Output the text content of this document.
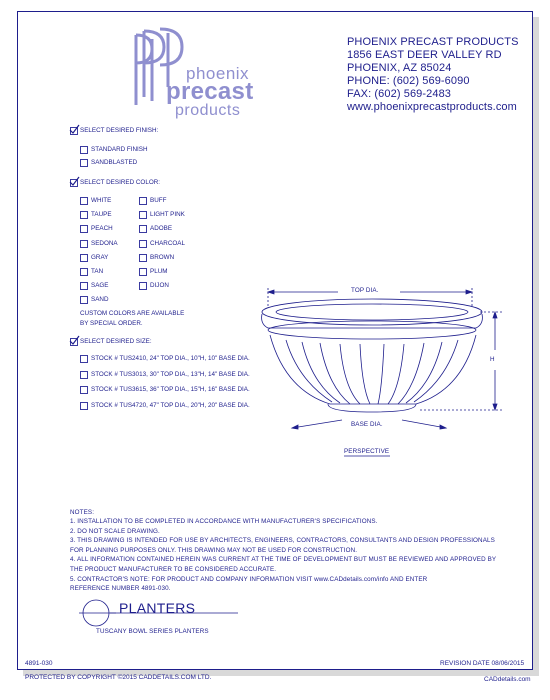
phoenix
precast
products
PHOENIX PRECAST PRODUCTS
1856 EAST DEER VALLEY RD
PHOENIX, AZ 85024
PHONE: (602) 569-6090
FAX: (602) 569-2483
www.phoenixprecastproducts.com
SELECT DESIRED FINISH:
STANDARD FINISH
SANDBLASTED
SELECT DESIRED COLOR:
WHITE
TAUPE
PEACH
SEDONA
GRAY
TAN
SAGE
SAND
BUFF
LIGHT PINK
ADOBE
CHARCOAL
BROWN
PLUM
DIJON
CUSTOM COLORS ARE AVAILABLE
BY SPECIAL ORDER.
SELECT DESIRED SIZE:
STOCK # TUS2410, 24" TOP DIA., 10"H, 10" BASE DIA.
STOCK # TUS3013, 30" TOP DIA., 13"H, 14" BASE DIA.
STOCK # TUS3615, 36" TOP DIA., 15"H, 16" BASE DIA.
STOCK # TUS4720, 47" TOP DIA., 20"H, 20" BASE DIA.
TOP DIA.
H
BASE DIA.
PERSPECTIVE
NOTES:
1. INSTALLATION TO BE COMPLETED IN ACCORDANCE WITH MANUFACTURER'S SPECIFICATIONS.
2. DO NOT SCALE DRAWING.
3. THIS DRAWING IS INTENDED FOR USE BY ARCHITECTS, ENGINEERS, CONTRACTORS, CONSULTANTS AND DESIGN PROFESSIONALS
FOR PLANNING PURPOSES ONLY. THIS DRAWING MAY NOT BE USED FOR CONSTRUCTION.
4. ALL INFORMATION CONTAINED HEREIN WAS CURRENT AT THE TIME OF DEVELOPMENT BUT MUST BE REVIEWED AND APPROVED BY
THE PRODUCT MANUFACTURER TO BE CONSIDERED ACCURATE.
5. CONTRACTOR'S NOTE: FOR PRODUCT AND COMPANY INFORMATION VISIT www.CADdetails.com/info AND ENTER
REFERENCE NUMBER 4891-030.
PLANTERS
TUSCANY BOWL SERIES PLANTERS
4891-030	REVISION DATE 08/06/2015
PROTECTED BY COPYRIGHT ©2015 CADDETAILS.COM LTD.	CADdetails.com
